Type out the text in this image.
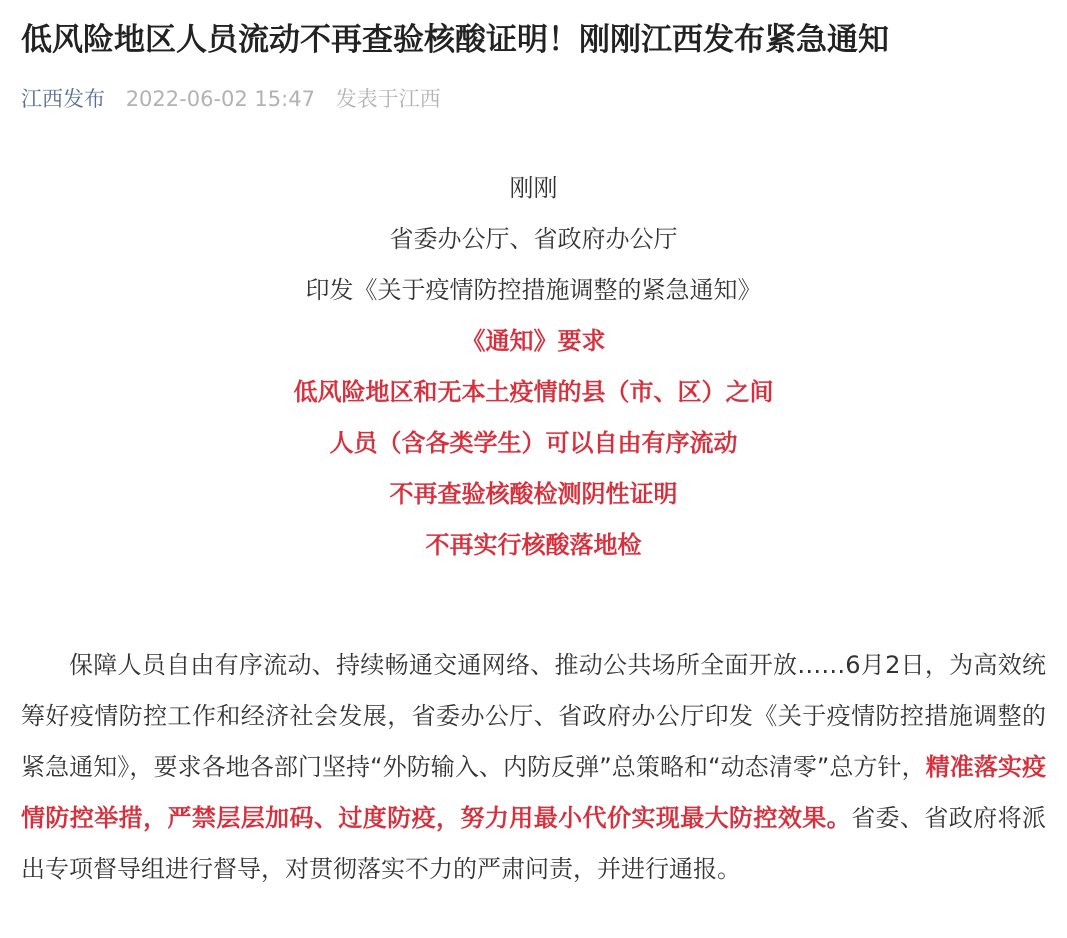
低风险地区人员流动不再查验核酸证明！刚刚江西发布紧急通知
江西发布 2022-06-02 15:47 发表于江西

刚刚

省委办公厅、省政府办公厅

印发《关于疫情防控措施调整的紧急通知》

《通知》要求

低风险地区和无本土疫情的县（市、区）之间

人员（含各类学生）可以自由有序流动

不再查验核酸检测阴性证明

不再实行核酸落地检

保障人员自由有序流动、持续畅通交通网络、推动公共场所全面开放……6月2日，为高效统筹好疫情防控工作和经济社会发展，省委办公厅、省政府办公厅印发《关于疫情防控措施调整的紧急通知》，要求各地各部门坚持“外防输入、内防反弹”总策略和“动态清零”总方针，精准落实疫情防控举措，严禁层层加码、过度防疫，努力用最小代价实现最大防控效果。省委、省政府将派出专项督导组进行督导，对贯彻落实不力的严肃问责，并进行通报。
